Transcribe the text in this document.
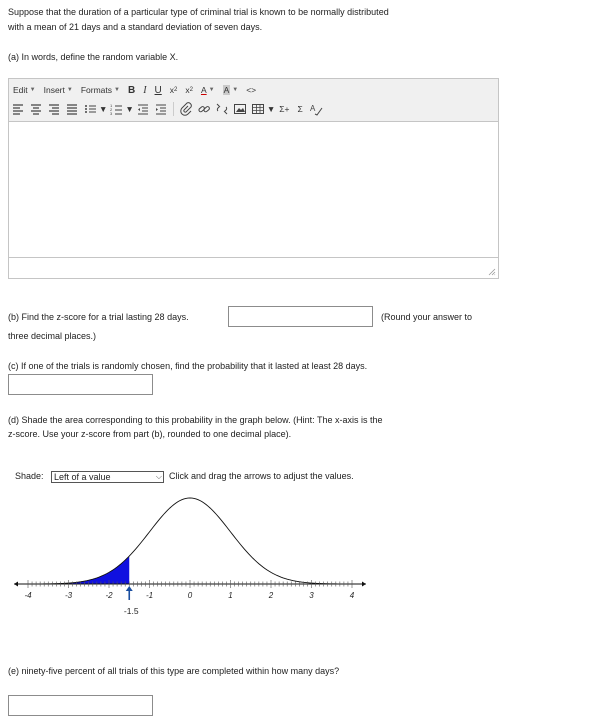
Suppose that the duration of a particular type of criminal trial is known to be normally distributed
with a mean of 21 days and a standard deviation of seven days.
(a) In words, define the random variable X.
Edit ▼ Insert ▼ Formats ▼ B I U x 2 x 2 A ▼ A ▼ <>
▼ 1
2
3 ▼	▼ Σ+ Σ A
(b) Find the z-score for a trial lasting 28 days.	(Round your answer to
three decimal places.)
(c) If one of the trials is randomly chosen, find the probability that it lasted at least 28 days.
(d) Shade the area corresponding to this probability in the graph below. (Hint: The x-axis is the
z-score. Use your z-score from part (b), rounded to one decimal place).
Shade:	Left of a value	⌵ Click and drag the arrows to adjust the values.
-4	-3	-2	-1	0	1	2	3	4
-1.5
(e) ninety-five percent of all trials of this type are completed within how many days?
